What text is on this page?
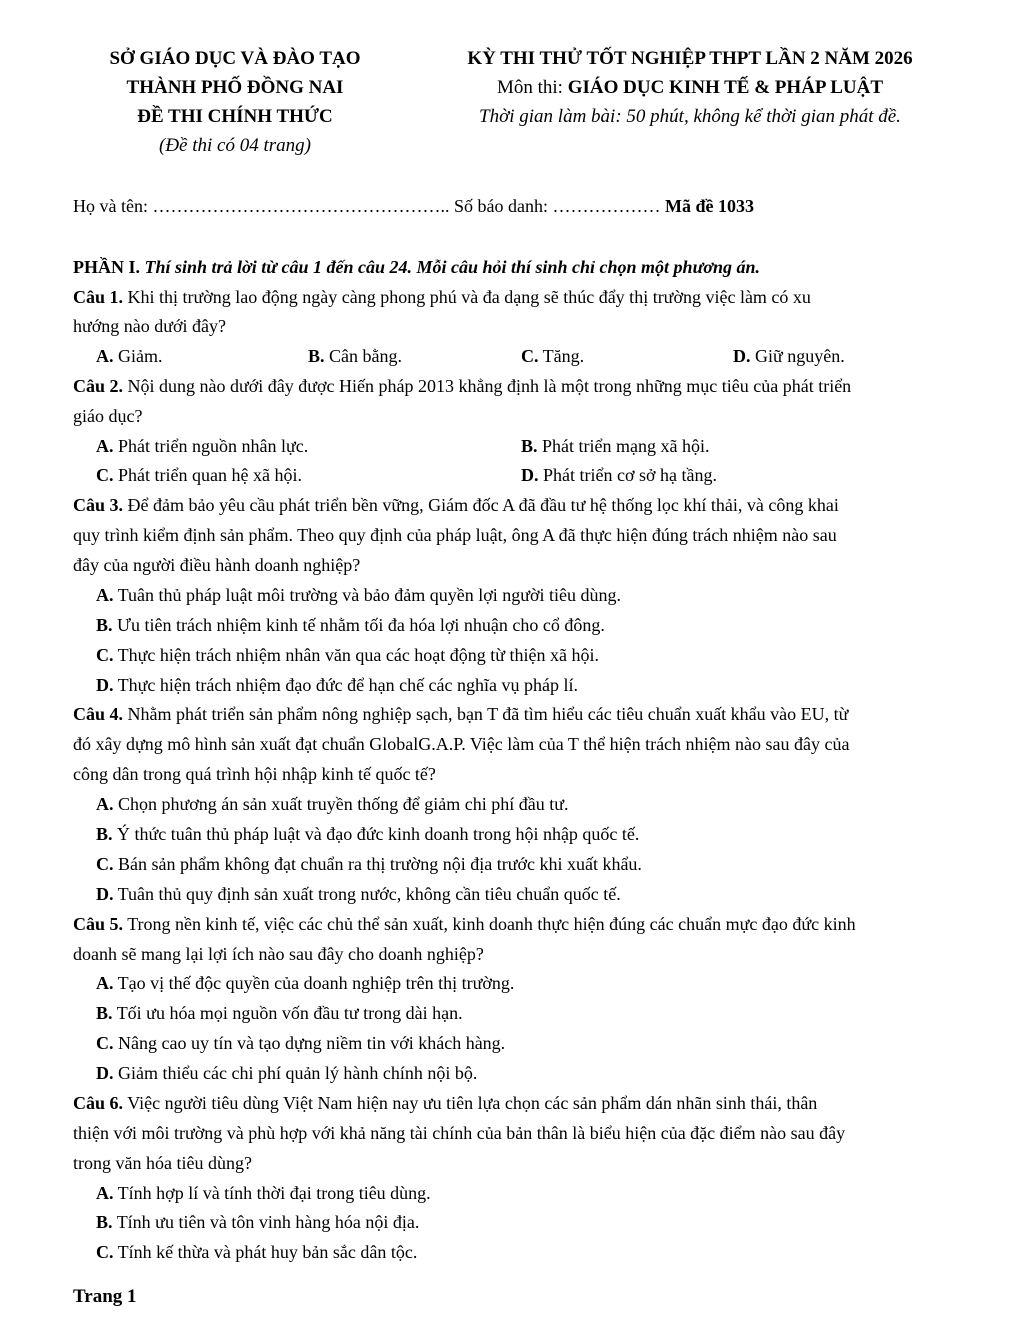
SỞ GIÁO DỤC VÀ ĐÀO TẠO
THÀNH PHỐ ĐỒNG NAI
ĐỀ THI CHÍNH THỨC
(Đề thi có 04 trang)
KỲ THI THỬ TỐT NGHIỆP THPT LẦN 2 NĂM 2026
Môn thi: GIÁO DỤC KINH TẾ & PHÁP LUẬT
Thời gian làm bài: 50 phút, không kể thời gian phát đề.
Họ và tên: ………………………………………….. Số báo danh: ……………… Mã đề 1033
PHẦN I. Thí sinh trả lời từ câu 1 đến câu 24. Mỗi câu hỏi thí sinh chỉ chọn một phương án.
Câu 1. Khi thị trường lao động ngày càng phong phú và đa dạng sẽ thúc đẩy thị trường việc làm có xu
hướng nào dưới đây?
A. Giảm.	B. Cân bằng.	C. Tăng.	D. Giữ nguyên.
Câu 2. Nội dung nào dưới đây được Hiến pháp 2013 khẳng định là một trong những mục tiêu của phát triển
giáo dục?
A. Phát triển nguồn nhân lực.	B. Phát triển mạng xã hội.
C. Phát triển quan hệ xã hội.	D. Phát triển cơ sở hạ tầng.
Câu 3. Để đảm bảo yêu cầu phát triển bền vững, Giám đốc A đã đầu tư hệ thống lọc khí thải, và công khai
quy trình kiểm định sản phẩm. Theo quy định của pháp luật, ông A đã thực hiện đúng trách nhiệm nào sau
đây của người điều hành doanh nghiệp?
A. Tuân thủ pháp luật môi trường và bảo đảm quyền lợi người tiêu dùng.
B. Ưu tiên trách nhiệm kinh tế nhằm tối đa hóa lợi nhuận cho cổ đông.
C. Thực hiện trách nhiệm nhân văn qua các hoạt động từ thiện xã hội.
D. Thực hiện trách nhiệm đạo đức để hạn chế các nghĩa vụ pháp lí.
Câu 4. Nhằm phát triển sản phẩm nông nghiệp sạch, bạn T đã tìm hiểu các tiêu chuẩn xuất khẩu vào EU, từ
đó xây dựng mô hình sản xuất đạt chuẩn GlobalG.A.P. Việc làm của T thể hiện trách nhiệm nào sau đây của
công dân trong quá trình hội nhập kinh tế quốc tế?
A. Chọn phương án sản xuất truyền thống để giảm chi phí đầu tư.
B. Ý thức tuân thủ pháp luật và đạo đức kinh doanh trong hội nhập quốc tế.
C. Bán sản phẩm không đạt chuẩn ra thị trường nội địa trước khi xuất khẩu.
D. Tuân thủ quy định sản xuất trong nước, không cần tiêu chuẩn quốc tế.
Câu 5. Trong nền kinh tế, việc các chủ thể sản xuất, kinh doanh thực hiện đúng các chuẩn mực đạo đức kinh
doanh sẽ mang lại lợi ích nào sau đây cho doanh nghiệp?
A. Tạo vị thế độc quyền của doanh nghiệp trên thị trường.
B. Tối ưu hóa mọi nguồn vốn đầu tư trong dài hạn.
C. Nâng cao uy tín và tạo dựng niềm tin với khách hàng.
D. Giảm thiểu các chi phí quản lý hành chính nội bộ.
Câu 6. Việc người tiêu dùng Việt Nam hiện nay ưu tiên lựa chọn các sản phẩm dán nhãn sinh thái, thân
thiện với môi trường và phù hợp với khả năng tài chính của bản thân là biểu hiện của đặc điểm nào sau đây
trong văn hóa tiêu dùng?
A. Tính hợp lí và tính thời đại trong tiêu dùng.
B. Tính ưu tiên và tôn vinh hàng hóa nội địa.
C. Tính kế thừa và phát huy bản sắc dân tộc.
Trang 1
